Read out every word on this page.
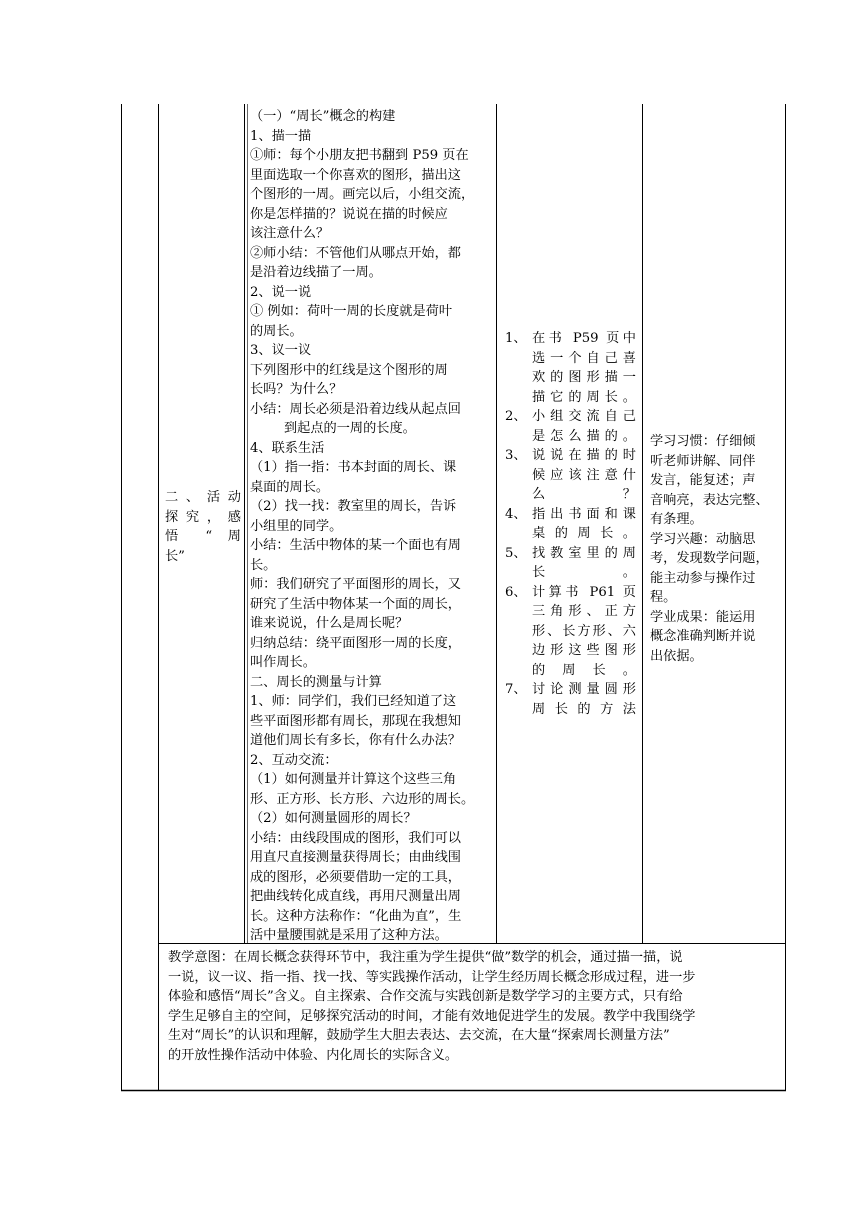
二、活动
探究，感
悟 “ 周
长”
（一）“周长”概念的构建
1、描一描
①师：每个小朋友把书翻到 P59 页在
里面选取一个你喜欢的图形，描出这
个图形的一周。画完以后，小组交流，
你是怎样描的？说说在描的时候应
该注意什么？
②师小结：不管他们从哪点开始，都
是沿着边线描了一周。
2、说一说
① 例如：荷叶一周的长度就是荷叶
的周长。
3、议一议
下列图形中的红线是这个图形的周
长吗？为什么？
小结：周长必须是沿着边线从起点回
到起点的一周的长度。
4、联系生活
（1）指一指：书本封面的周长、课
桌面的周长。
（2）找一找：教室里的周长，告诉
小组里的同学。
小结：生活中物体的某一个面也有周
长。
师：我们研究了平面图形的周长，又
研究了生活中物体某一个面的周长，
谁来说说，什么是周长呢？
归纳总结：绕平面图形一周的长度，
叫作周长。
二、周长的测量与计算
1、师：同学们，我们已经知道了这
些平面图形都有周长，那现在我想知
道他们周长有多长，你有什么办法？
2、互动交流：
（1）如何测量并计算这个这些三角
形、正方形、长方形、六边形的周长。
（2）如何测量圆形的周长？
小结：由线段围成的图形，我们可以
用直尺直接测量获得周长；由曲线围
成的图形，必须要借助一定的工具，
把曲线转化成直线，再用尺测量出周
长。这种方法称作：“化曲为直”，生
活中量腰围就是采用了这种方法。
1、 在书 P59 页中
选一个自己喜
欢的图形描一
描它的周长。
2、 小组交流自己
是怎么描的。
3、 说说在描的时
候应该注意什
么？
4、 指出书面和课
桌的周长。
5、 找教室里的周
长。
6、 计算书 P61 页
三角形、正方
形、长方形、六
边形这些图形
的周长。
7、 讨论测量圆形
周长的方法
学习习惯：仔细倾
听老师讲解、同伴
发言，能复述；声
音响亮，表达完整、
有条理。
学习兴趣：动脑思
考，发现数学问题，
能主动参与操作过
程。
学业成果：能运用
概念准确判断并说
出依据。
教学意图：在周长概念获得环节中，我注重为学生提供“做”数学的机会，通过描一描，说
一说，议一议、指一指、找一找、等实践操作活动，让学生经历周长概念形成过程，进一步
体验和感悟“周长”含义。自主探索、合作交流与实践创新是数学学习的主要方式，只有给
学生足够自主的空间，足够探究活动的时间，才能有效地促进学生的发展。教学中我围绕学
生对“周长”的认识和理解，鼓励学生大胆去表达、去交流，在大量“探索周长测量方法”
的开放性操作活动中体验、内化周长的实际含义。
